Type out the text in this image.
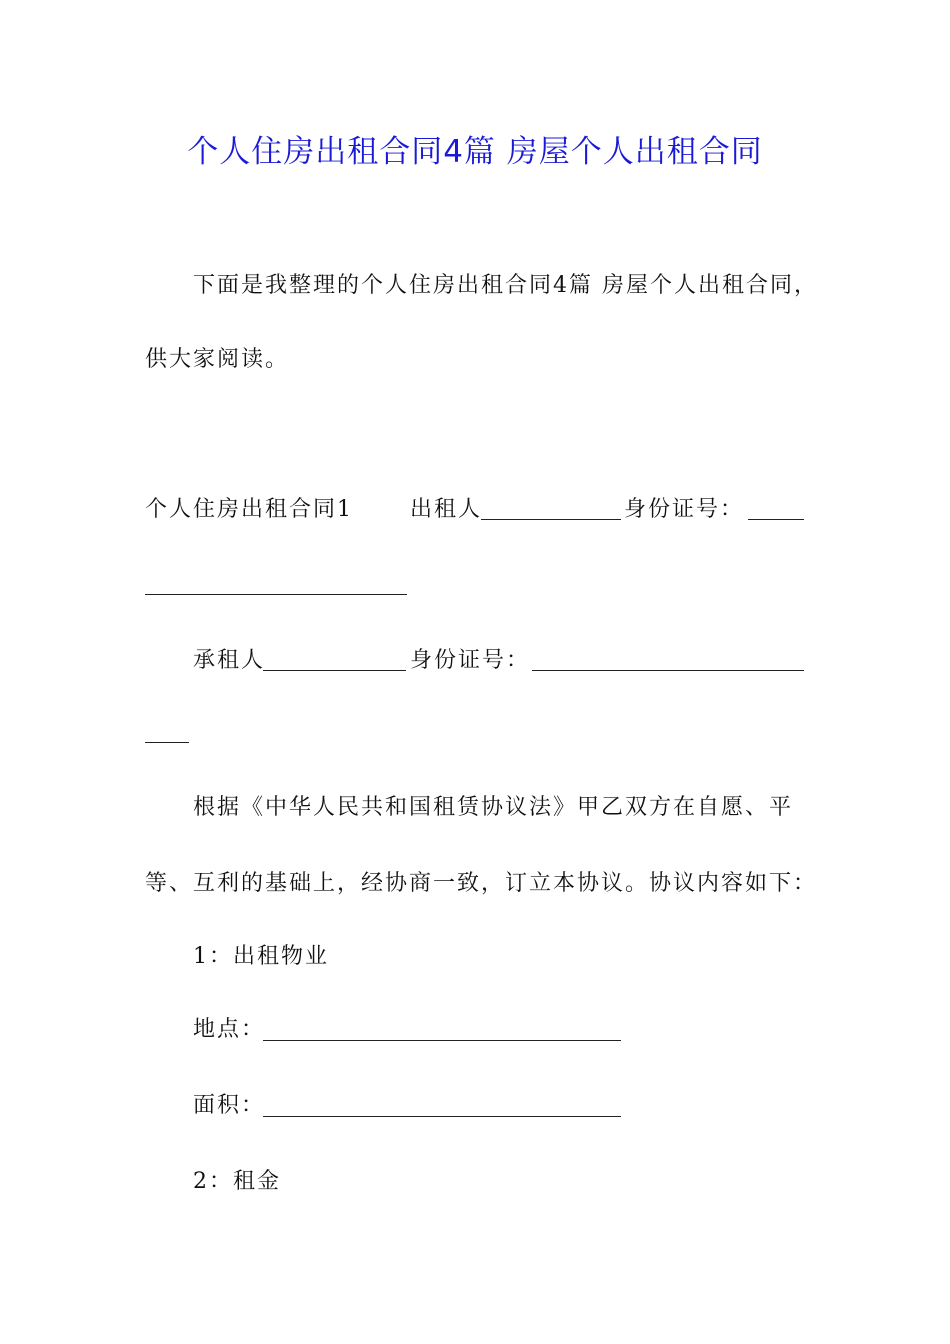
个人住房出租合同4篇 房屋个人出租合同
下面是我整理的个人住房出租合同4篇 房屋个人出租合同，
供大家阅读。
个人住房出租合同1	出租人	身份证号：
承租人	身份证号：
根据《中华人民共和国租赁协议法》甲乙双方在自愿、平
等、互利的基础上，经协商一致，订立本协议。协议内容如下：
1：出租物业
地点：
面积：
2：租金
